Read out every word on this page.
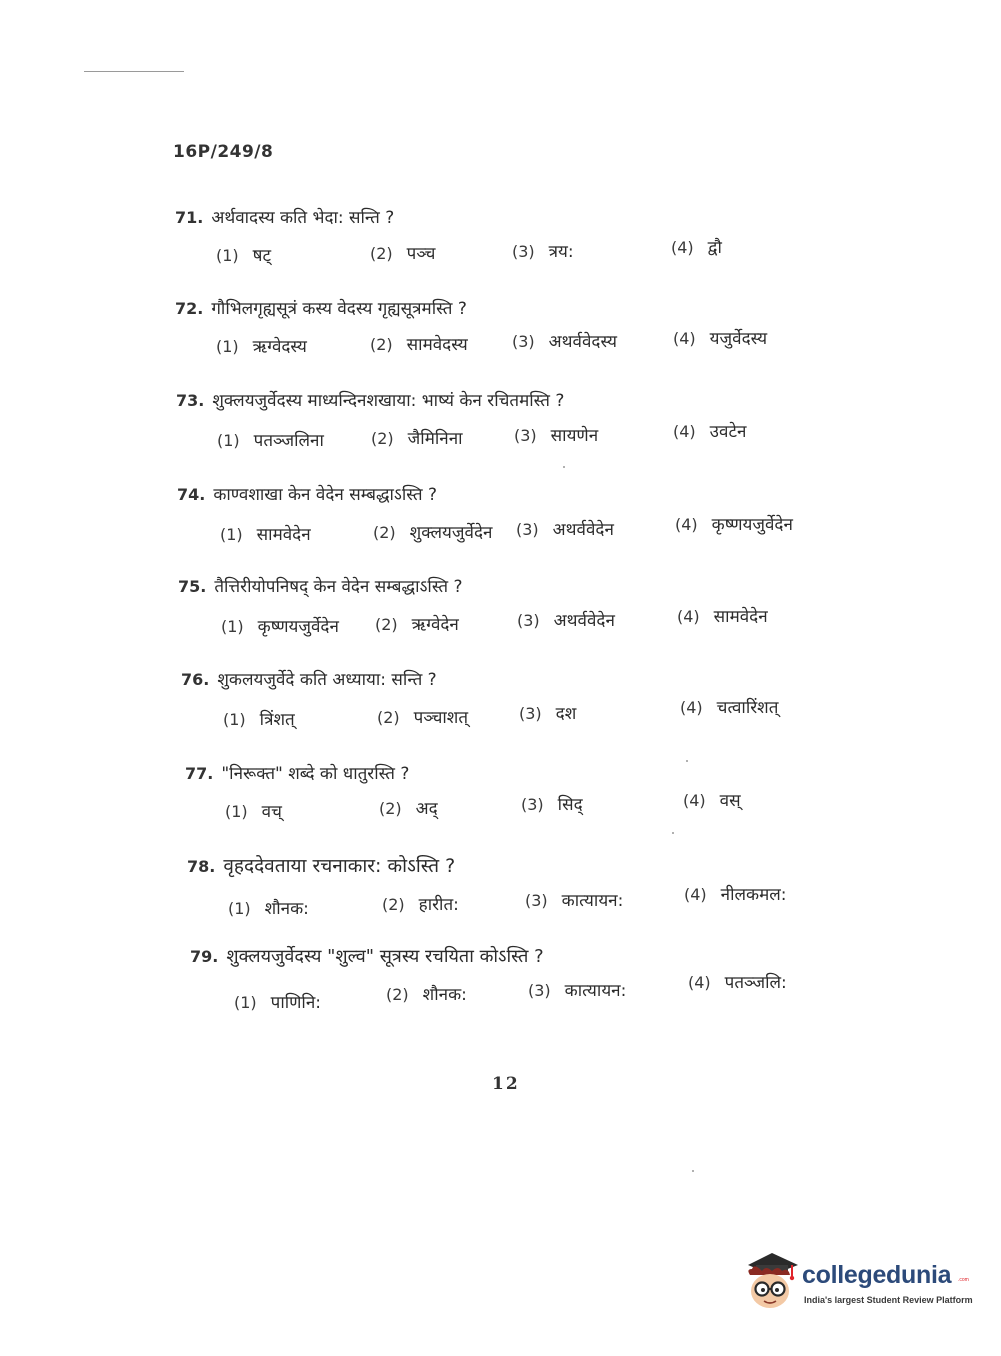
16P/249/8
71. अर्थवादस्य कति भेदा: सन्ति ?
(1) षट्	(2) पञ्च	(3) त्रय:	(4) द्वौ
72. गौभिलगृह्यसूत्रं कस्य वेदस्य गृह्यसूत्रमस्ति ?
(1) ऋग्वेदस्य	(2) सामवेदस्य	(3) अथर्ववेदस्य	(4) यजुर्वेदस्य
73. शुक्लयजुर्वेदस्य माध्यन्दिनशखाया: भाष्यं केन रचितमस्ति ?
(1) पतञ्जलिना	(2) जैमिनिना	(3) सायणेन	(4) उवटेन
74. काण्वशाखा केन वेदेन सम्बद्धाऽस्ति ?
(1) सामवेदेन	(2) शुक्लयजुर्वेदेन (3) अथर्ववेदेन	(4) कृष्णयजुर्वेदेन
75. तैत्तिरीयोपनिषद् केन वेदेन सम्बद्धाऽस्ति ?
(1) कृष्णयजुर्वेदेन (2) ऋग्वेदेन	(3) अथर्ववेदेन	(4) सामवेदेन
76. शुकलयजुर्वेदे कति अध्याया: सन्ति ?
(1) त्रिंशत्	(2) पञ्चाशत्	(3) दश	(4) चत्वारिंशत्
77. "निरूक्त" शब्दे को धातुरस्ति ?
(1) वच्	(2) अद्	(3) सिद्	(4) वस्
78. वृहददेवताया रचनाकार: कोऽस्ति ?
(1) शौनक:	(2) हारीत:	(3) कात्यायन:	(4) नीलकमल:
79. शुक्लयजुर्वेदस्य "शुल्व" सूत्रस्य रचयिता कोऽस्ति ?
(1) पाणिनि:	(2) शौनक:	(3) कात्यायन:	(4) पतञ्जलि:
12
collegedunia .com
India's largest Student Review Platform
